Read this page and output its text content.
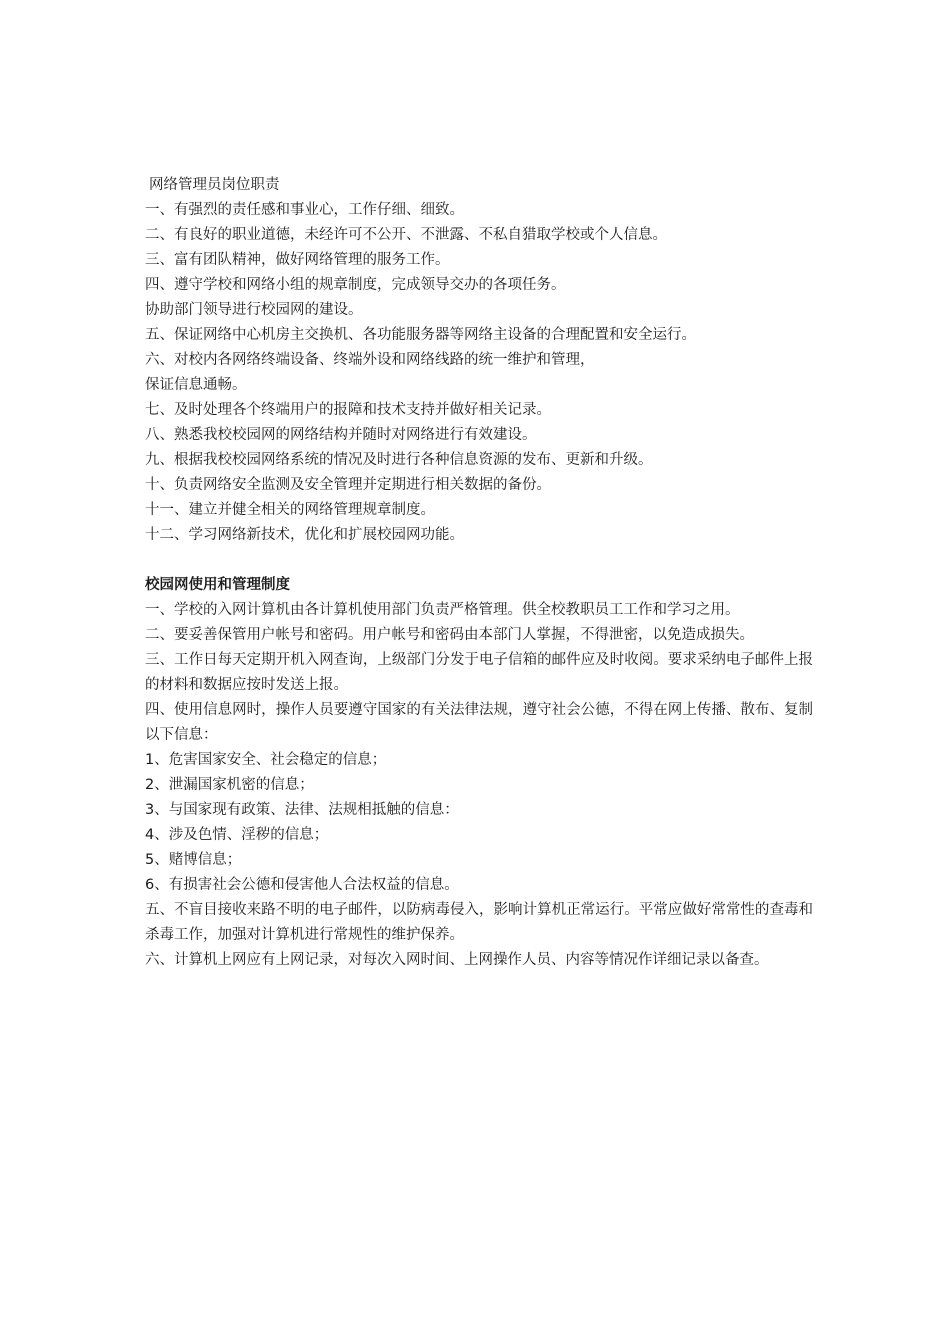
网络管理员岗位职责

一、有强烈的责任感和事业心，工作仔细、细致。

二、有良好的职业道德，未经许可不公开、不泄露、不私自猎取学校或个人信息。

三、富有团队精神，做好网络管理的服务工作。

四、遵守学校和网络小组的规章制度，完成领导交办的各项任务。

协助部门领导进行校园网的建设。

五、保证网络中心机房主交换机、各功能服务器等网络主设备的合理配置和安全运行。

六、对校内各网络终端设备、终端外设和网络线路的统一维护和管理，

保证信息通畅。

七、及时处理各个终端用户的报障和技术支持并做好相关记录。

八、熟悉我校校园网的网络结构并随时对网络进行有效建设。

九、根据我校校园网络系统的情况及时进行各种信息资源的发布、更新和升级。

十、负责网络安全监测及安全管理并定期进行相关数据的备份。

十一、建立并健全相关的网络管理规章制度。

十二、学习网络新技术，优化和扩展校园网功能。

校园网使用和管理制度

一、学校的入网计算机由各计算机使用部门负责严格管理。供全校教职员工工作和学习之用。

二、要妥善保管用户帐号和密码。用户帐号和密码由本部门人掌握，不得泄密，以免造成损失。

三、工作日每天定期开机入网查询，上级部门分发于电子信箱的邮件应及时收阅。要求采纳电子邮件上报的材料和数据应按时发送上报。

四、使用信息网时，操作人员要遵守国家的有关法律法规，遵守社会公德，不得在网上传播、散布、复制以下信息：

1、危害国家安全、社会稳定的信息；

2、泄漏国家机密的信息；

3、与国家现有政策、法律、法规相抵触的信息：

4、涉及色情、淫秽的信息；

5、赌博信息；

6、有损害社会公德和侵害他人合法权益的信息。

五、不盲目接收来路不明的电子邮件，以防病毒侵入，影响计算机正常运行。平常应做好常常性的查毒和杀毒工作，加强对计算机进行常规性的维护保养。

六、计算机上网应有上网记录，对每次入网时间、上网操作人员、内容等情况作详细记录以备查。
